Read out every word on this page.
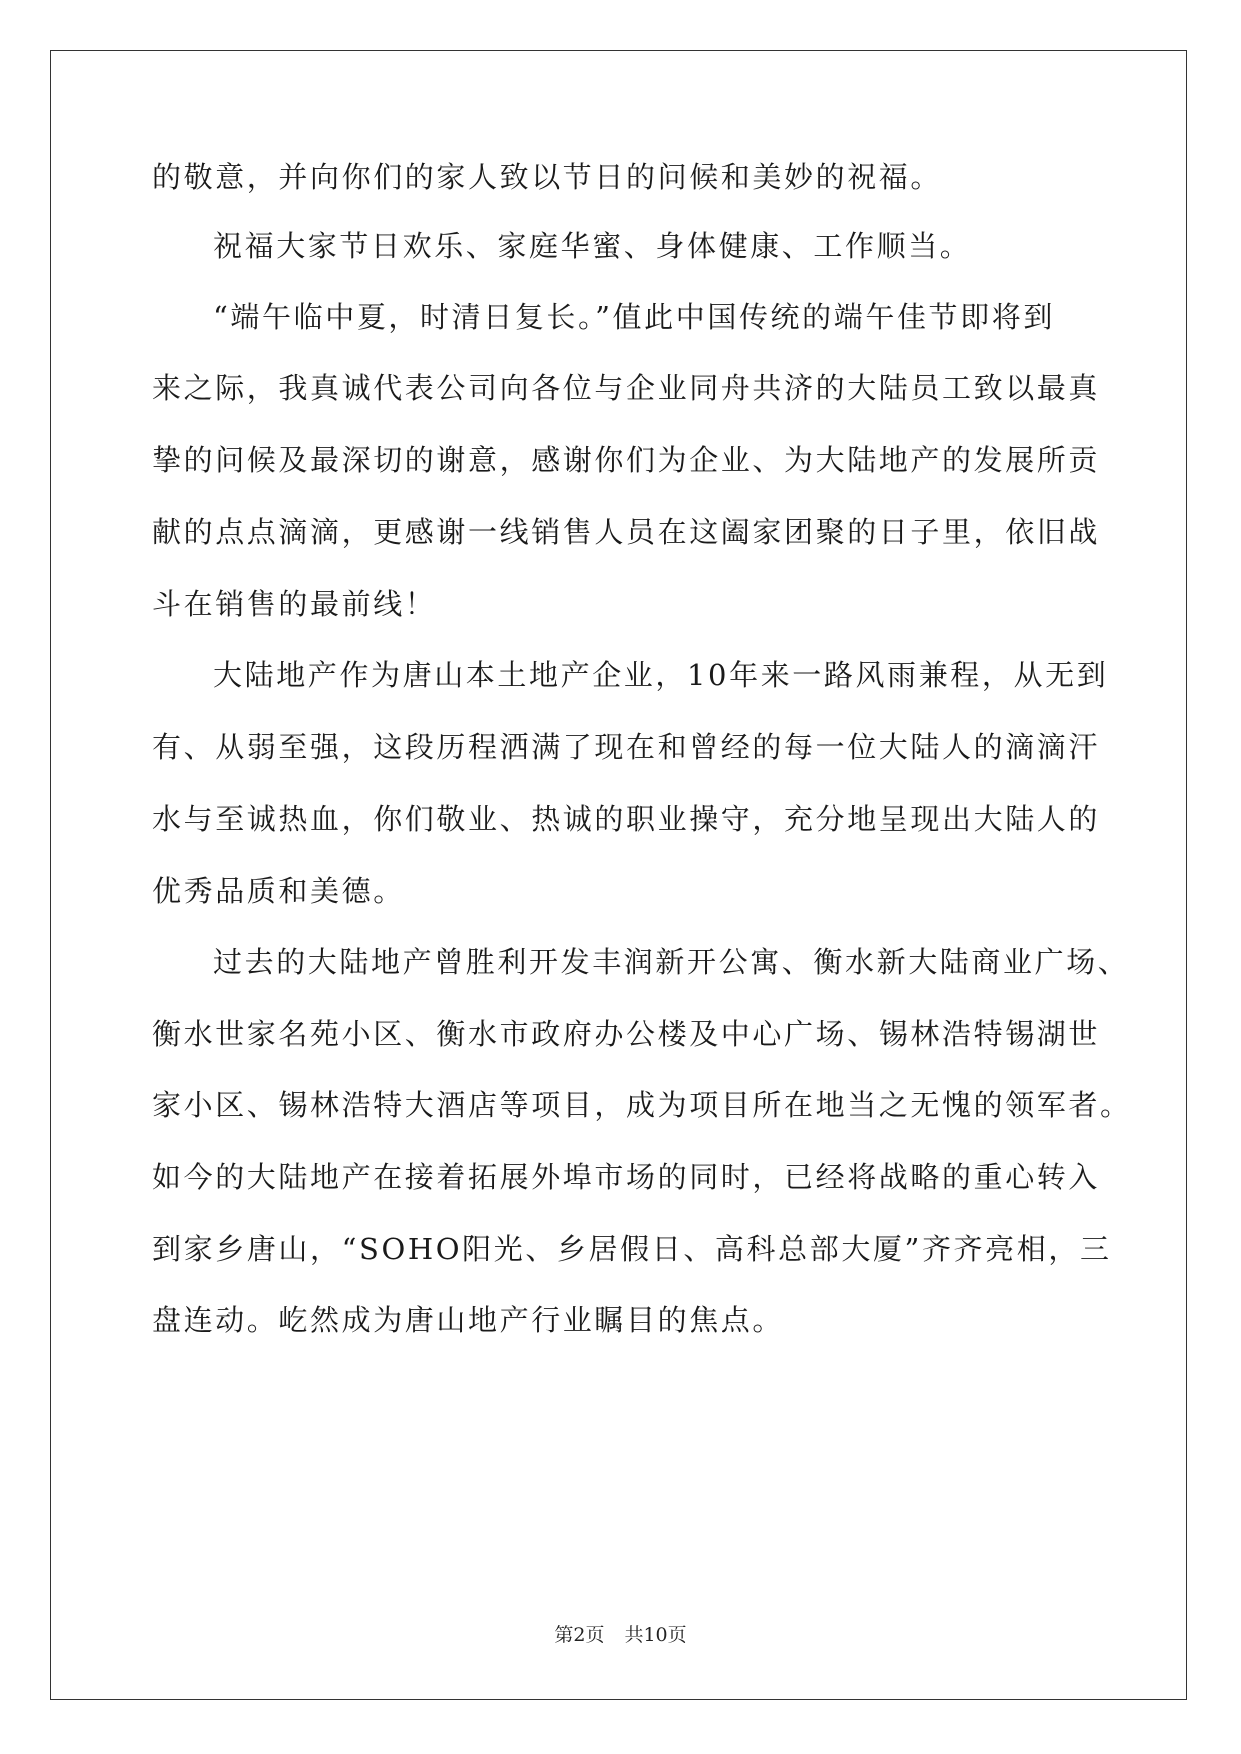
的敬意，并向你们的家人致以节日的问候和美妙的祝福。
祝福大家节日欢乐、家庭华蜜、身体健康、工作顺当。
“端午临中夏，时清日复长。”值此中国传统的端午佳节即将到
来之际，我真诚代表公司向各位与企业同舟共济的大陆员工致以最真
挚的问候及最深切的谢意，感谢你们为企业、为大陆地产的发展所贡
献的点点滴滴，更感谢一线销售人员在这阖家团聚的日子里，依旧战
斗在销售的最前线！
大陆地产作为唐山本土地产企业，10年来一路风雨兼程，从无到
有、从弱至强，这段历程洒满了现在和曾经的每一位大陆人的滴滴汗
水与至诚热血，你们敬业、热诚的职业操守，充分地呈现出大陆人的
优秀品质和美德。
过去的大陆地产曾胜利开发丰润新开公寓、衡水新大陆商业广场、
衡水世家名苑小区、衡水市政府办公楼及中心广场、锡林浩特锡湖世
家小区、锡林浩特大酒店等项目，成为项目所在地当之无愧的领军者。
如今的大陆地产在接着拓展外埠市场的同时，已经将战略的重心转入
到家乡唐山，“SOHO阳光、乡居假日、高科总部大厦”齐齐亮相，三
盘连动。屹然成为唐山地产行业瞩目的焦点。
第2页 共10页
